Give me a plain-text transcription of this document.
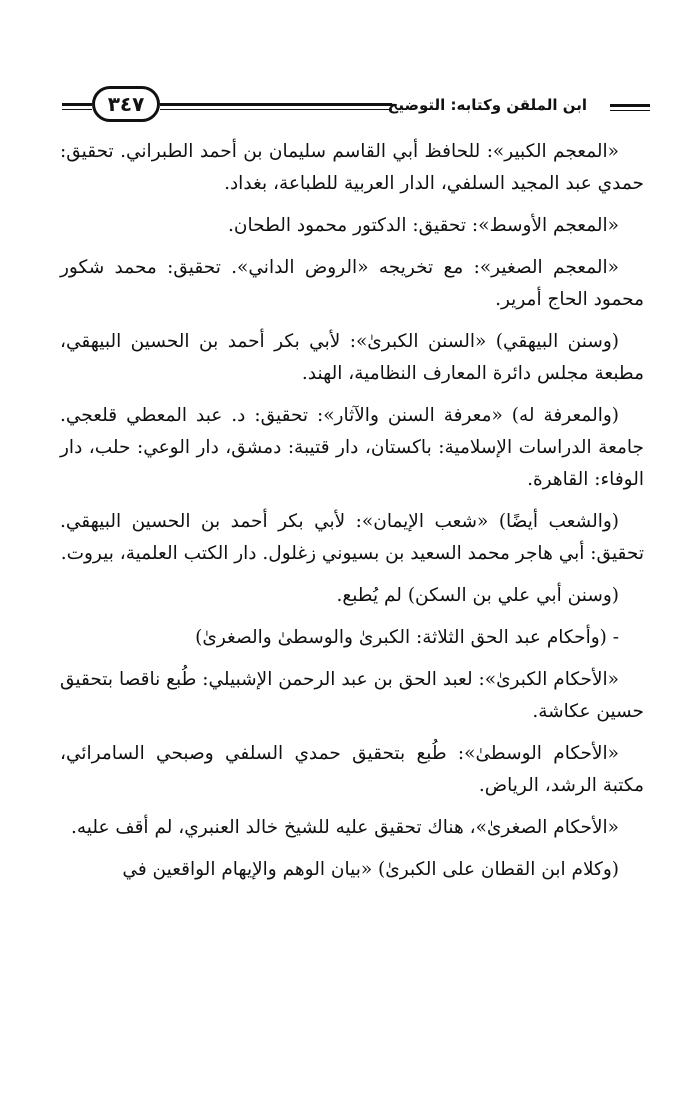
ابن الملقن وكتابه: التوضيح
٣٤٧

«المعجم الكبير»: للحافظ أبي القاسم سليمان بن أحمد الطبراني. تحقيق: حمدي عبد المجيد السلفي، الدار العربية للطباعة، بغداد.

«المعجم الأوسط»: تحقيق: الدكتور محمود الطحان.

«المعجم الصغير»: مع تخريجه «الروض الداني». تحقيق: محمد شكور محمود الحاج أمرير.

(وسنن البيهقي) «السنن الكبرىٰ»: لأبي بكر أحمد بن الحسين البيهقي، مطبعة مجلس دائرة المعارف النظامية، الهند.

(والمعرفة له) «معرفة السنن والآثار»: تحقيق: د. عبد المعطي قلعجي. جامعة الدراسات الإسلامية: باكستان، دار قتيبة: دمشق، دار الوعي: حلب، دار الوفاء: القاهرة.

(والشعب أيضًا) «شعب الإيمان»: لأبي بكر أحمد بن الحسين البيهقي. تحقيق: أبي هاجر محمد السعيد بن بسيوني زغلول. دار الكتب العلمية، بيروت.

(وسنن أبي علي بن السكن) لم يُطبع.

- (وأحكام عبد الحق الثلاثة: الكبرىٰ والوسطىٰ والصغرىٰ)

«الأحكام الكبرىٰ»: لعبد الحق بن عبد الرحمن الإشبيلي: طُبع ناقصا بتحقيق حسين عكاشة.

«الأحكام الوسطىٰ»: طُبع بتحقيق حمدي السلفي وصبحي السامرائي، مكتبة الرشد، الرياض.

«الأحكام الصغرىٰ»، هناك تحقيق عليه للشيخ خالد العنبري، لم أقف عليه.

(وكلام ابن القطان على الكبرىٰ) «بيان الوهم والإيهام الواقعين في
